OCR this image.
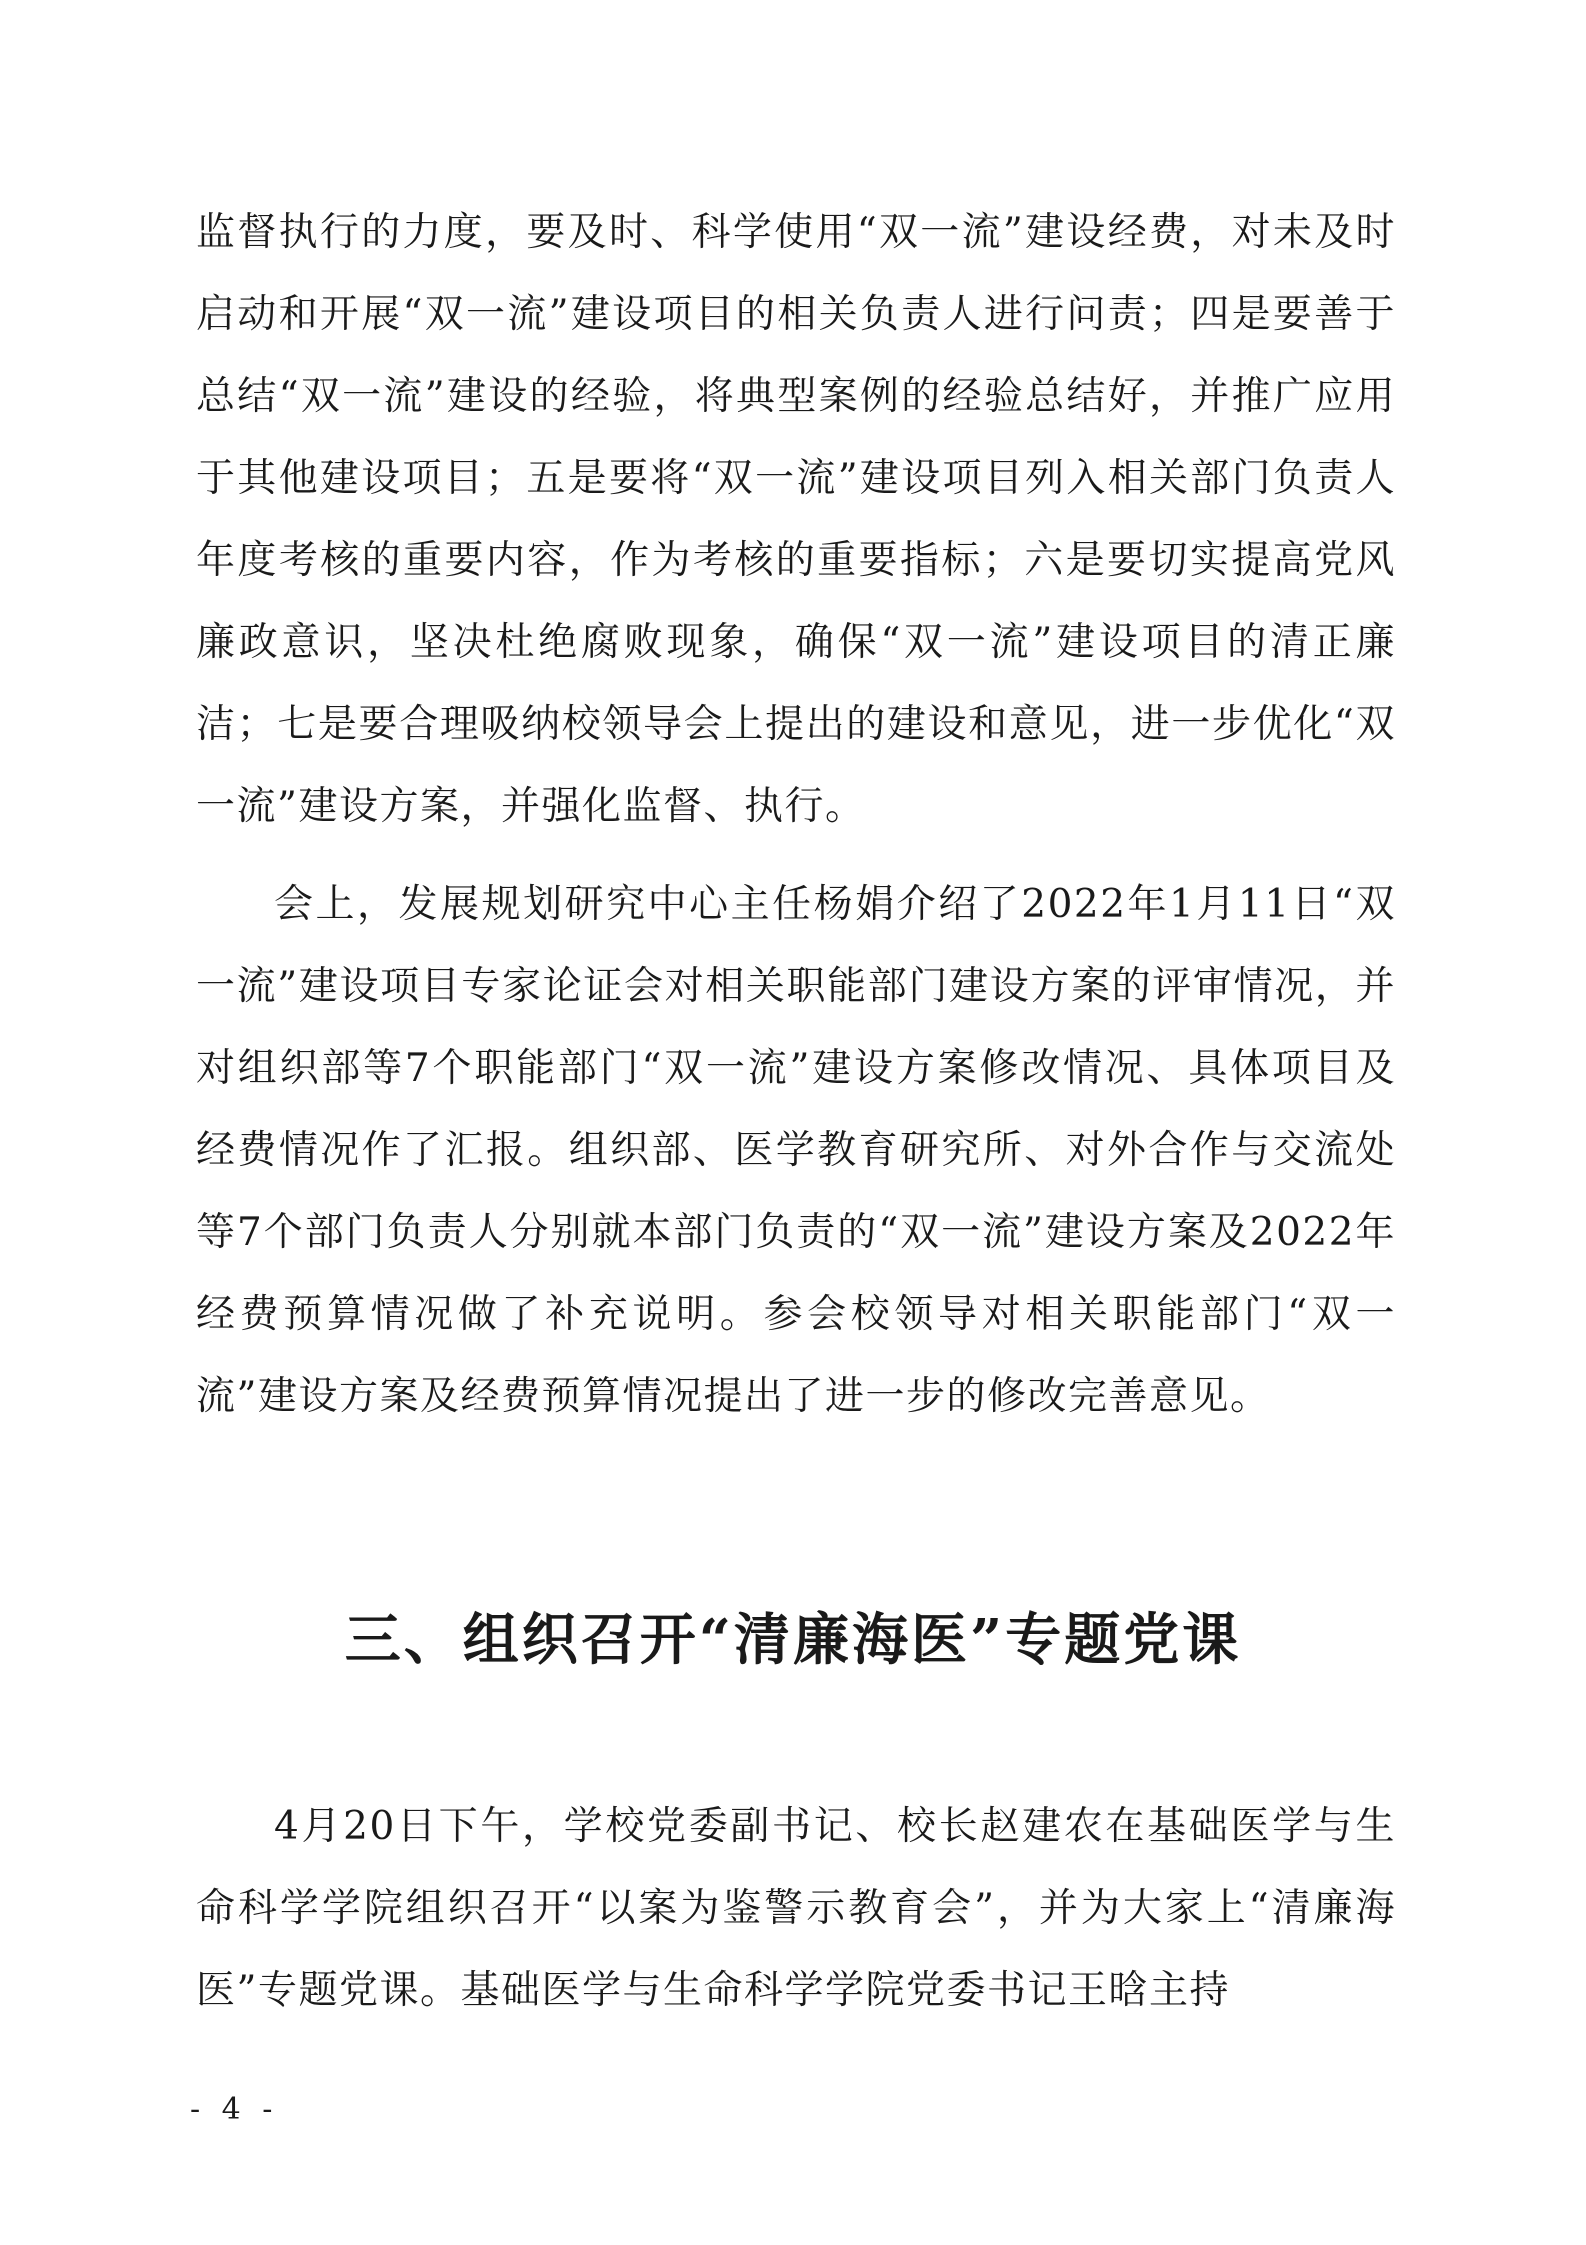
监督执行的力度，要及时、科学使用“双一流”建设经费，对未及时启动和开展“双一流”建设项目的相关负责人进行问责；四是要善于总结“双一流”建设的经验，将典型案例的经验总结好，并推广应用于其他建设项目；五是要将“双一流”建设项目列入相关部门负责人年度考核的重要内容，作为考核的重要指标；六是要切实提高党风廉政意识，坚决杜绝腐败现象，确保“双一流”建设项目的清正廉洁；七是要合理吸纳校领导会上提出的建设和意见，进一步优化“双一流”建设方案，并强化监督、执行。

会上，发展规划研究中心主任杨娟介绍了2022年1月11日“双一流”建设项目专家论证会对相关职能部门建设方案的评审情况，并对组织部等7个职能部门“双一流”建设方案修改情况、具体项目及经费情况作了汇报。组织部、医学教育研究所、对外合作与交流处等7个部门负责人分别就本部门负责的“双一流”建设方案及2022年经费预算情况做了补充说明。参会校领导对相关职能部门“双一流”建设方案及经费预算情况提出了进一步的修改完善意见。

三、组织召开“清廉海医”专题党课

4月20日下午，学校党委副书记、校长赵建农在基础医学与生命科学学院组织召开“以案为鉴警示教育会”，并为大家上“清廉海医”专题党课。基础医学与生命科学学院党委书记王晗主持

- 4 -
